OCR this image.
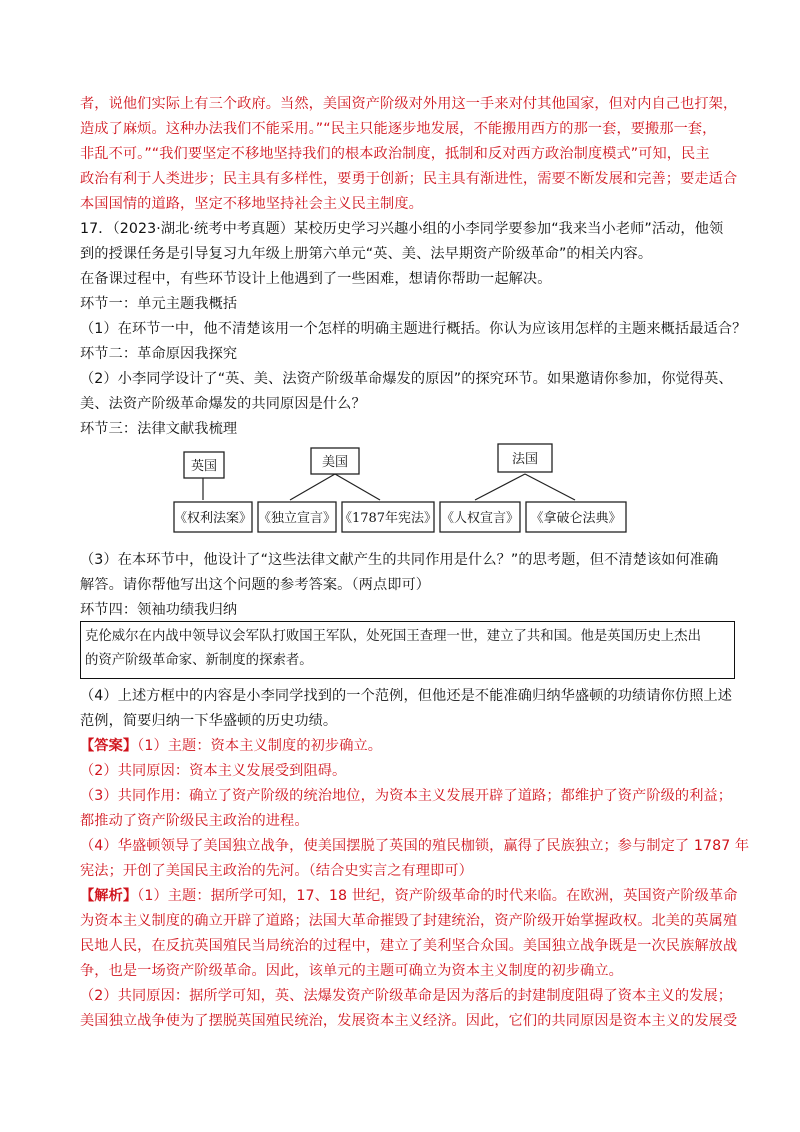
者，说他们实际上有三个政府。当然，美国资产阶级对外用这一手来对付其他国家，但对内自己也打架，
造成了麻烦。这种办法我们不能采用。”“民主只能逐步地发展，不能搬用西方的那一套，要搬那一套，
非乱不可。”“我们要坚定不移地坚持我们的根本政治制度，抵制和反对西方政治制度模式”可知，民主
政治有利于人类进步；民主具有多样性，要勇于创新；民主具有渐进性，需要不断发展和完善；要走适合
本国国情的道路，坚定不移地坚持社会主义民主制度。
17．（2023·湖北·统考中考真题）某校历史学习兴趣小组的小李同学要参加“我来当小老师”活动，他领
到的授课任务是引导复习九年级上册第六单元“英、美、法早期资产阶级革命”的相关内容。
在备课过程中，有些环节设计上他遇到了一些困难，想请你帮助一起解决。
环节一：单元主题我概括
（1）在环节一中，他不清楚该用一个怎样的明确主题进行概括。你认为应该用怎样的主题来概括最适合？
环节二：革命原因我探究
（2）小李同学设计了“英、美、法资产阶级革命爆发的原因”的探究环节。如果邀请你参加，你觉得英、
美、法资产阶级革命爆发的共同原因是什么？
环节三：法律文献我梳理
英国	美国	法国
《权利法案》 《独立宣言》 《1787年宪法》 《人权宣言》 《拿破仑法典》
（3）在本环节中，他设计了“这些法律文献产生的共同作用是什么？”的思考题，但不清楚该如何准确
解答。请你帮他写出这个问题的参考答案。（两点即可）
环节四：领袖功绩我归纳
克伦威尔在内战中领导议会军队打败国王军队，处死国王查理一世，建立了共和国。他是英国历史上杰出
的资产阶级革命家、新制度的探索者。
（4）上述方框中的内容是小李同学找到的一个范例，但他还是不能准确归纳华盛顿的功绩请你仿照上述
范例，简要归纳一下华盛顿的历史功绩。
【答案】（1）主题：资本主义制度的初步确立。
（2）共同原因：资本主义发展受到阻碍。
（3）共同作用：确立了资产阶级的统治地位，为资本主义发展开辟了道路；都维护了资产阶级的利益；
都推动了资产阶级民主政治的进程。
（4）华盛顿领导了美国独立战争，使美国摆脱了英国的殖民枷锁，赢得了民族独立；参与制定了 1787 年
宪法；开创了美国民主政治的先河。（结合史实言之有理即可）
【解析】（1）主题：据所学可知，17、18 世纪，资产阶级革命的时代来临。在欧洲，英国资产阶级革命
为资本主义制度的确立开辟了道路；法国大革命摧毁了封建统治，资产阶级开始掌握政权。北美的英属殖
民地人民，在反抗英国殖民当局统治的过程中，建立了美利坚合众国。美国独立战争既是一次民族解放战
争，也是一场资产阶级革命。因此，该单元的主题可确立为资本主义制度的初步确立。
（2）共同原因：据所学可知，英、法爆发资产阶级革命是因为落后的封建制度阻碍了资本主义的发展；
美国独立战争使为了摆脱英国殖民统治，发展资本主义经济。因此，它们的共同原因是资本主义的发展受
